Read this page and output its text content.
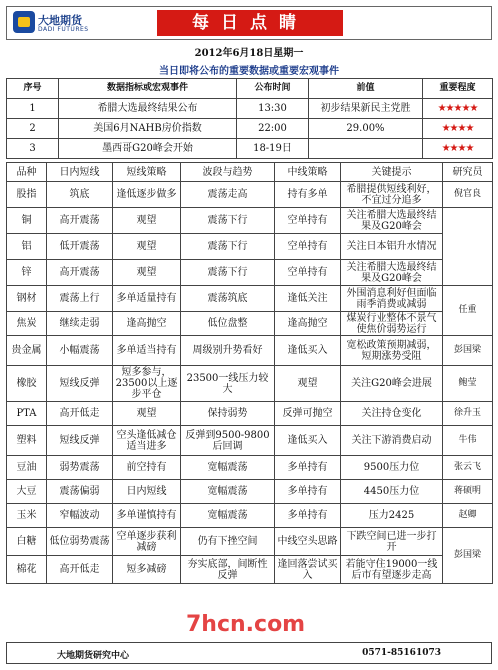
大地期货
DADI FUTURES	每日点睛
2012年6月18日星期一
当日即将公布的重要数据或重要宏观事件
序号	数据指标或宏观事件	公布时间	前值	重要程度
1	希腊大选最终结果公布	13:30	初步结果新民主党胜	★★★★★
2	美国6月NAHB房价指数	22:00	29.00%	★★★★
3	墨西哥G20峰会开始	18-19日		★★★★
品种	日内短线	短线策略	波段与趋势	中线策略	关键提示	研究员
股指	筑底	逢低逐步做多	震荡走高	持有多单	希腊提供短线利好，不宜过分追多	倪官良
铜	高开震荡	观望	震荡下行	空单持有	关注希腊大选最终结果及G20峰会	
铝	低开震荡	观望	震荡下行	空单持有	关注日本铝升水情况	
锌	高开震荡	观望	震荡下行	空单持有	关注希腊大选最终结果及G20峰会	
钢材	震荡上行	多单适量持有	震荡筑底	逢低关注	外围消息利好但面临雨季消费或减弱	任重
焦炭	继续走弱	逢高抛空	低位盘整	逢高抛空	煤炭行业整体不景气使焦价弱势运行	
贵金属	小幅震荡	多单适当持有	周级别升势看好	逢低买入	宽松政策预期减弱，短期涨势受阻	彭国梁
橡胶	短线反弹	短多参与，23500以上逐步平仓	23500一线压力较大	观望	关注G20峰会进展	鲍莹
PTA	高开低走	观望	保持弱势	反弹可抛空	关注持仓变化	徐升玉
塑料	短线反弹	空头逢低减仓适当进多	反弹到9500-9800后回调	逢低买入	关注下游消费启动	牛伟
豆油	弱势震荡	前空持有	宽幅震荡	多单持有	9500压力位	张云飞
大豆	震荡偏弱	日内短线	宽幅震荡	多单持有	4450压力位	蒋硕明
玉米	窄幅波动	多单谨慎持有	宽幅震荡	多单持有	压力2425	赵卿
白糖	低位弱势震荡	空单逐步获利减磅	仍有下挫空间	中线空头思路	下跌空间已进一步打开	彭国梁
棉花	高开低走	短多减磅	夯实底部，间断性反弹	逢回落尝试买入	若能守住19000一线后市有望逐步走高	
7hcn.com
大地期货研究中心	0571-85161073
